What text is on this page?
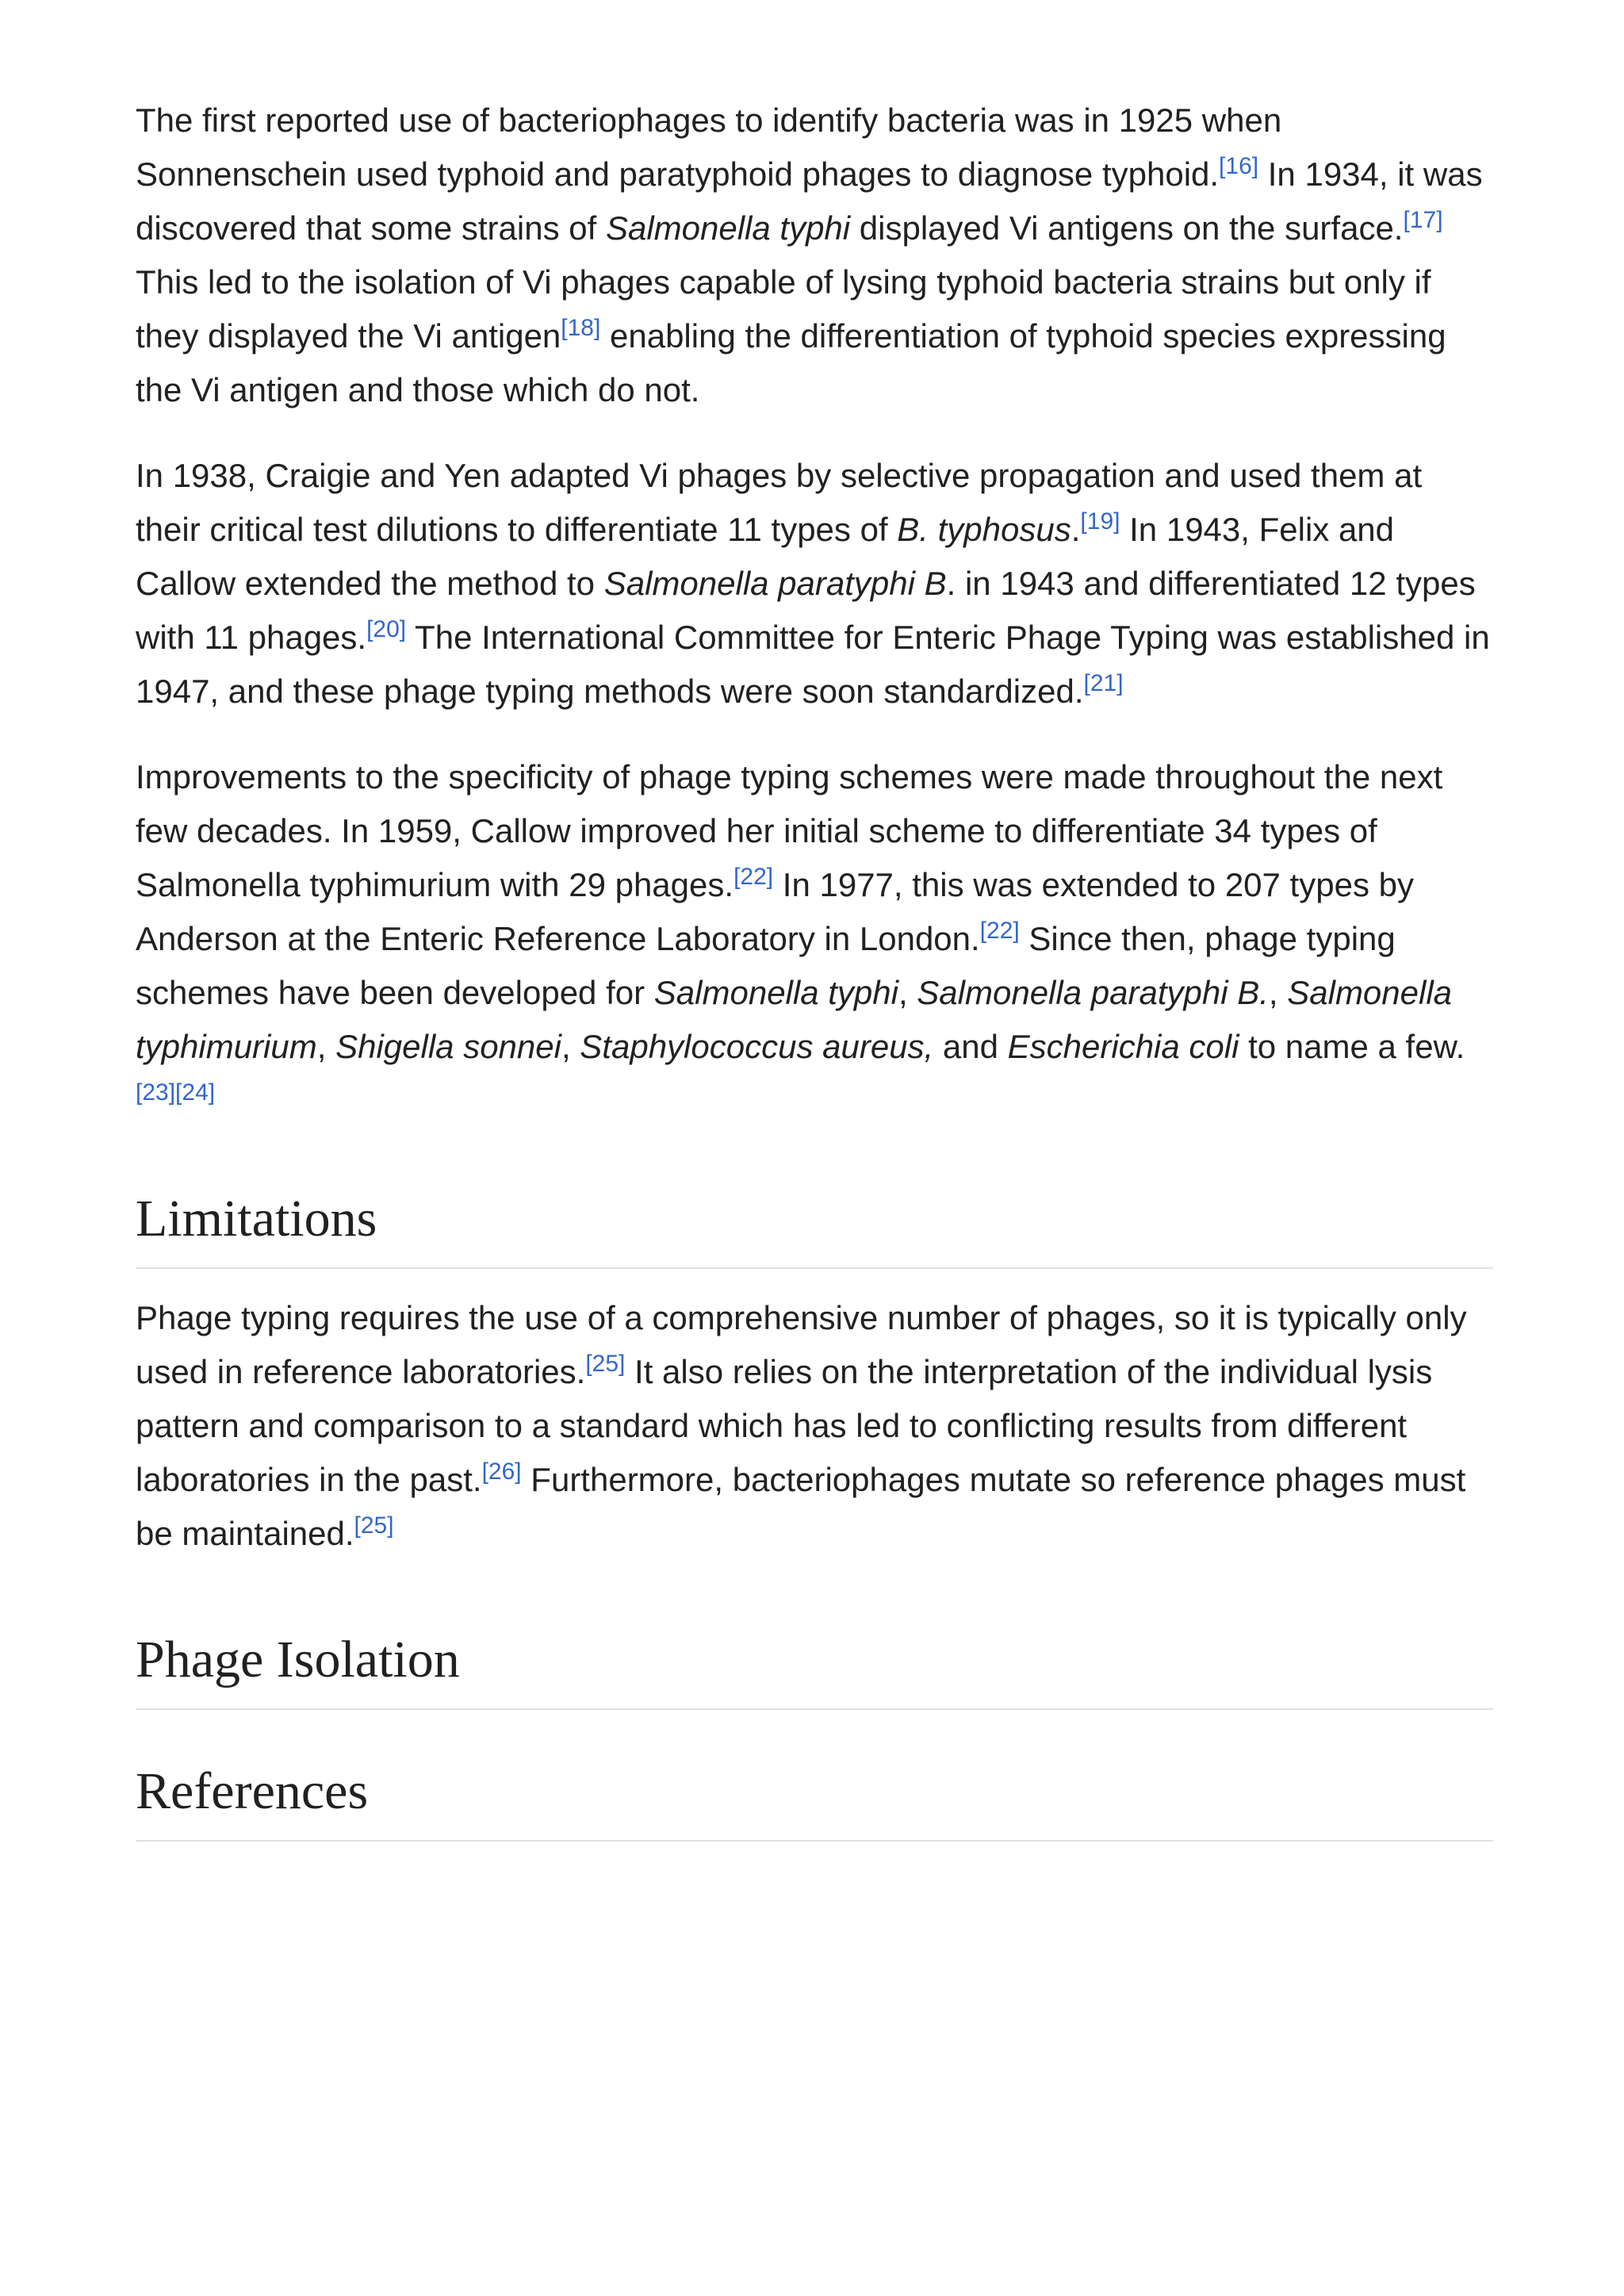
The first reported use of bacteriophages to identify bacteria was in 1925 when Sonnenschein used typhoid and paratyphoid phages to diagnose typhoid.[16] In 1934, it was discovered that some strains of Salmonella typhi displayed Vi antigens on the surface.[17] This led to the isolation of Vi phages capable of lysing typhoid bacteria strains but only if they displayed the Vi antigen[18] enabling the differentiation of typhoid species expressing the Vi antigen and those which do not.

In 1938, Craigie and Yen adapted Vi phages by selective propagation and used them at their critical test dilutions to differentiate 11 types of B. typhosus.[19] In 1943, Felix and Callow extended the method to Salmonella paratyphi B. in 1943 and differentiated 12 types with 11 phages.[20] The International Committee for Enteric Phage Typing was established in 1947, and these phage typing methods were soon standardized.[21]

Improvements to the specificity of phage typing schemes were made throughout the next few decades. In 1959, Callow improved her initial scheme to differentiate 34 types of Salmonella typhimurium with 29 phages.[22] In 1977, this was extended to 207 types by Anderson at the Enteric Reference Laboratory in London.[22] Since then, phage typing schemes have been developed for Salmonella typhi, Salmonella paratyphi B., Salmonella typhimurium, Shigella sonnei, Staphylococcus aureus, and Escherichia coli to name a few.[23][24]

Limitations

Phage typing requires the use of a comprehensive number of phages, so it is typically only used in reference laboratories.[25] It also relies on the interpretation of the individual lysis pattern and comparison to a standard which has led to conflicting results from different laboratories in the past.[26] Furthermore, bacteriophages mutate so reference phages must be maintained.[25]

Phage Isolation
References
